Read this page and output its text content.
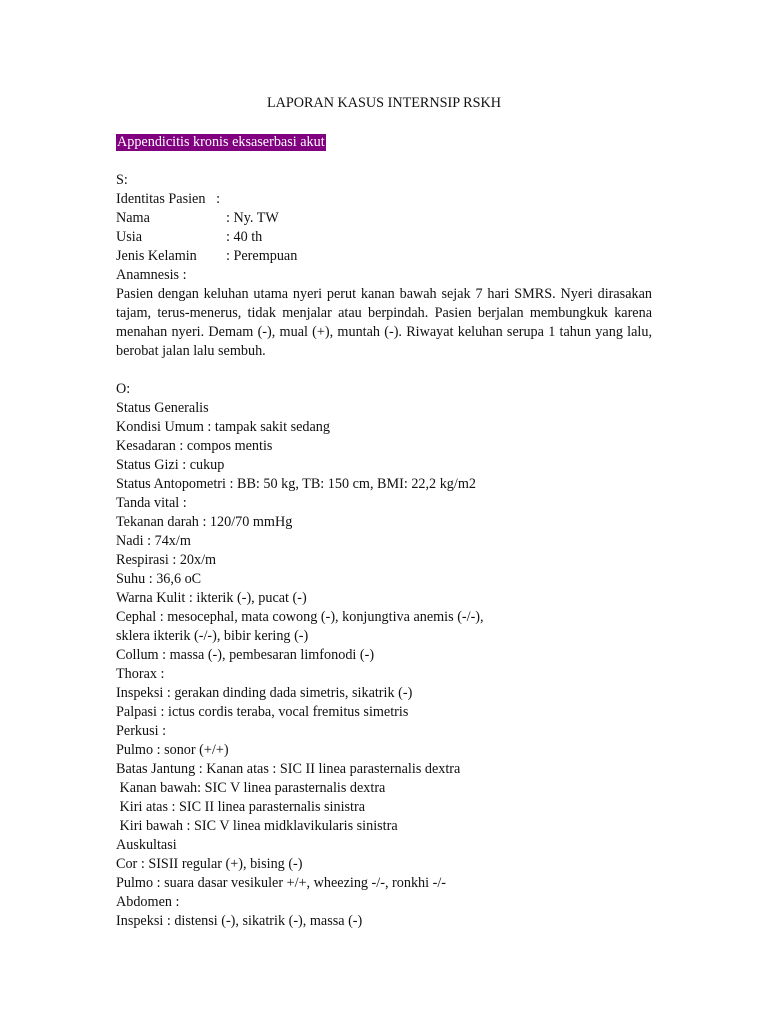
LAPORAN KASUS INTERNSIP RSKH
Appendicitis kronis eksaserbasi akut
S:
Identitas Pasien   :
Nama	: Ny. TW
Usia	: 40 th
Jenis Kelamin : Perempuan
Anamnesis :
Pasien dengan keluhan utama nyeri perut kanan bawah sejak 7 hari SMRS. Nyeri dirasakan tajam, terus-menerus, tidak menjalar atau berpindah. Pasien berjalan membungkuk karena menahan nyeri. Demam (-), mual (+), muntah (-). Riwayat keluhan serupa 1 tahun yang lalu, berobat jalan lalu sembuh.
O:
Status Generalis
Kondisi Umum : tampak sakit sedang
Kesadaran : compos mentis
Status Gizi : cukup
Status Antopometri : BB: 50 kg, TB: 150 cm, BMI: 22,2 kg/m2
Tanda vital :
Tekanan darah : 120/70 mmHg
Nadi : 74x/m
Respirasi : 20x/m
Suhu : 36,6 oC
Warna Kulit : ikterik (-), pucat (-)
Cephal : mesocephal, mata cowong (-), konjungtiva anemis (-/-),
sklera ikterik (-/-), bibir kering (-)
Collum : massa (-), pembesaran limfonodi (-)
Thorax :
Inspeksi : gerakan dinding dada simetris, sikatrik (-)
Palpasi : ictus cordis teraba, vocal fremitus simetris
Perkusi :
Pulmo : sonor (+/+)
Batas Jantung : Kanan atas : SIC II linea parasternalis dextra
Kanan bawah: SIC V linea parasternalis dextra
Kiri atas : SIC II linea parasternalis sinistra
Kiri bawah : SIC V linea midklavikularis sinistra
Auskultasi
Cor : SISII regular (+), bising (-)
Pulmo : suara dasar vesikuler +/+, wheezing -/-, ronkhi -/-
Abdomen :
Inspeksi : distensi (-), sikatrik (-), massa (-)
